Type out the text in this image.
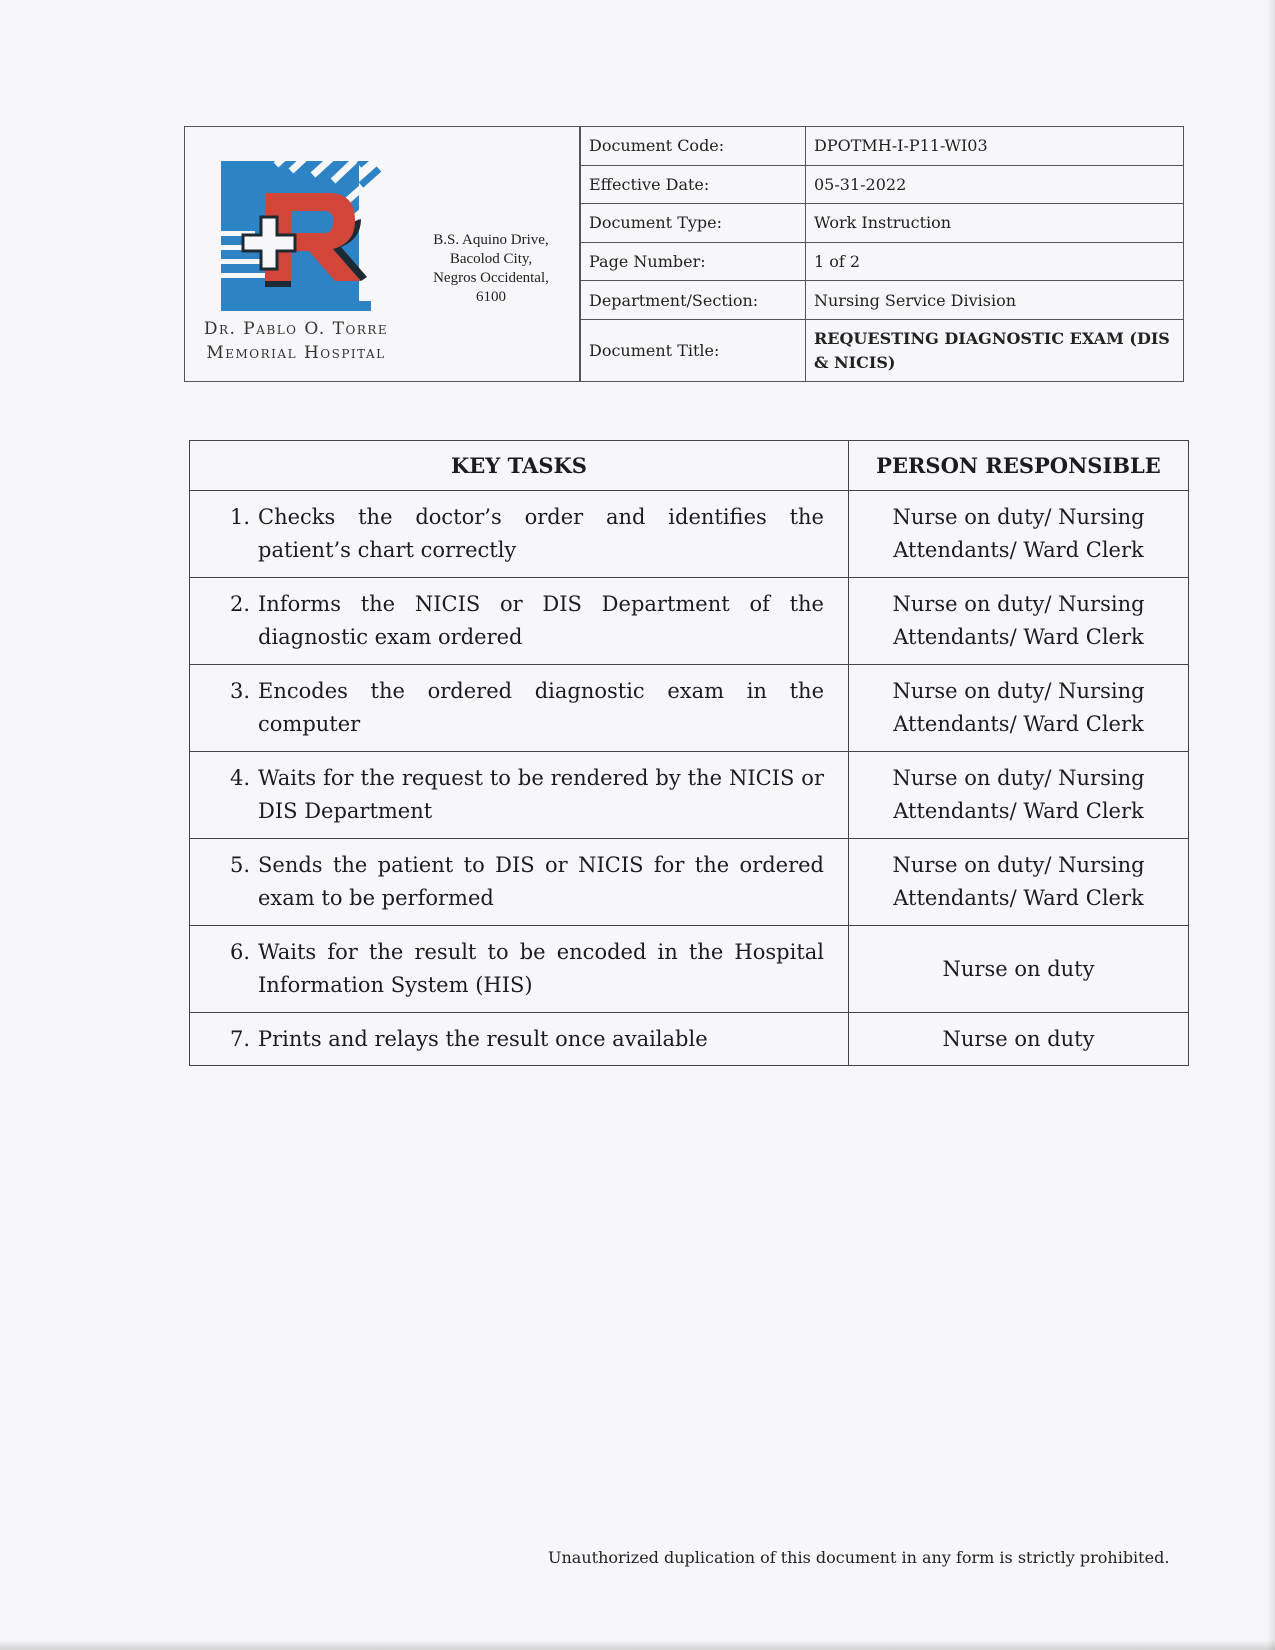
Dr. Pablo O. Torre
Memorial Hospital
B.S. Aquino Drive,
Bacolod City,
Negros Occidental,
6100
Document Code:	DPOTMH-I-P11-WI03
Effective Date:	05-31-2022
Document Type:	Work Instruction
Page Number:	1 of 2
Department/Section:	Nursing Service Division
Document Title:	REQUESTING DIAGNOSTIC EXAM (DIS & NICIS)
KEY TASKS	PERSON RESPONSIBLE

1. Checks the doctor’s order and identifies the patient’s chart correctly	Nurse on duty/ Nursing Attendants/ Ward Clerk

2. Informs the NICIS or DIS Department of the diagnostic exam ordered	Nurse on duty/ Nursing Attendants/ Ward Clerk

3. Encodes the ordered diagnostic exam in the computer	Nurse on duty/ Nursing Attendants/ Ward Clerk

4. Waits for the request to be rendered by the NICIS or DIS Department	Nurse on duty/ Nursing Attendants/ Ward Clerk

5. Sends the patient to DIS or NICIS for the ordered exam to be performed	Nurse on duty/ Nursing Attendants/ Ward Clerk

6. Waits for the result to be encoded in the Hospital Information System (HIS)	Nurse on duty

7. Prints and relays the result once available	Nurse on duty
Unauthorized duplication of this document in any form is strictly prohibited.
